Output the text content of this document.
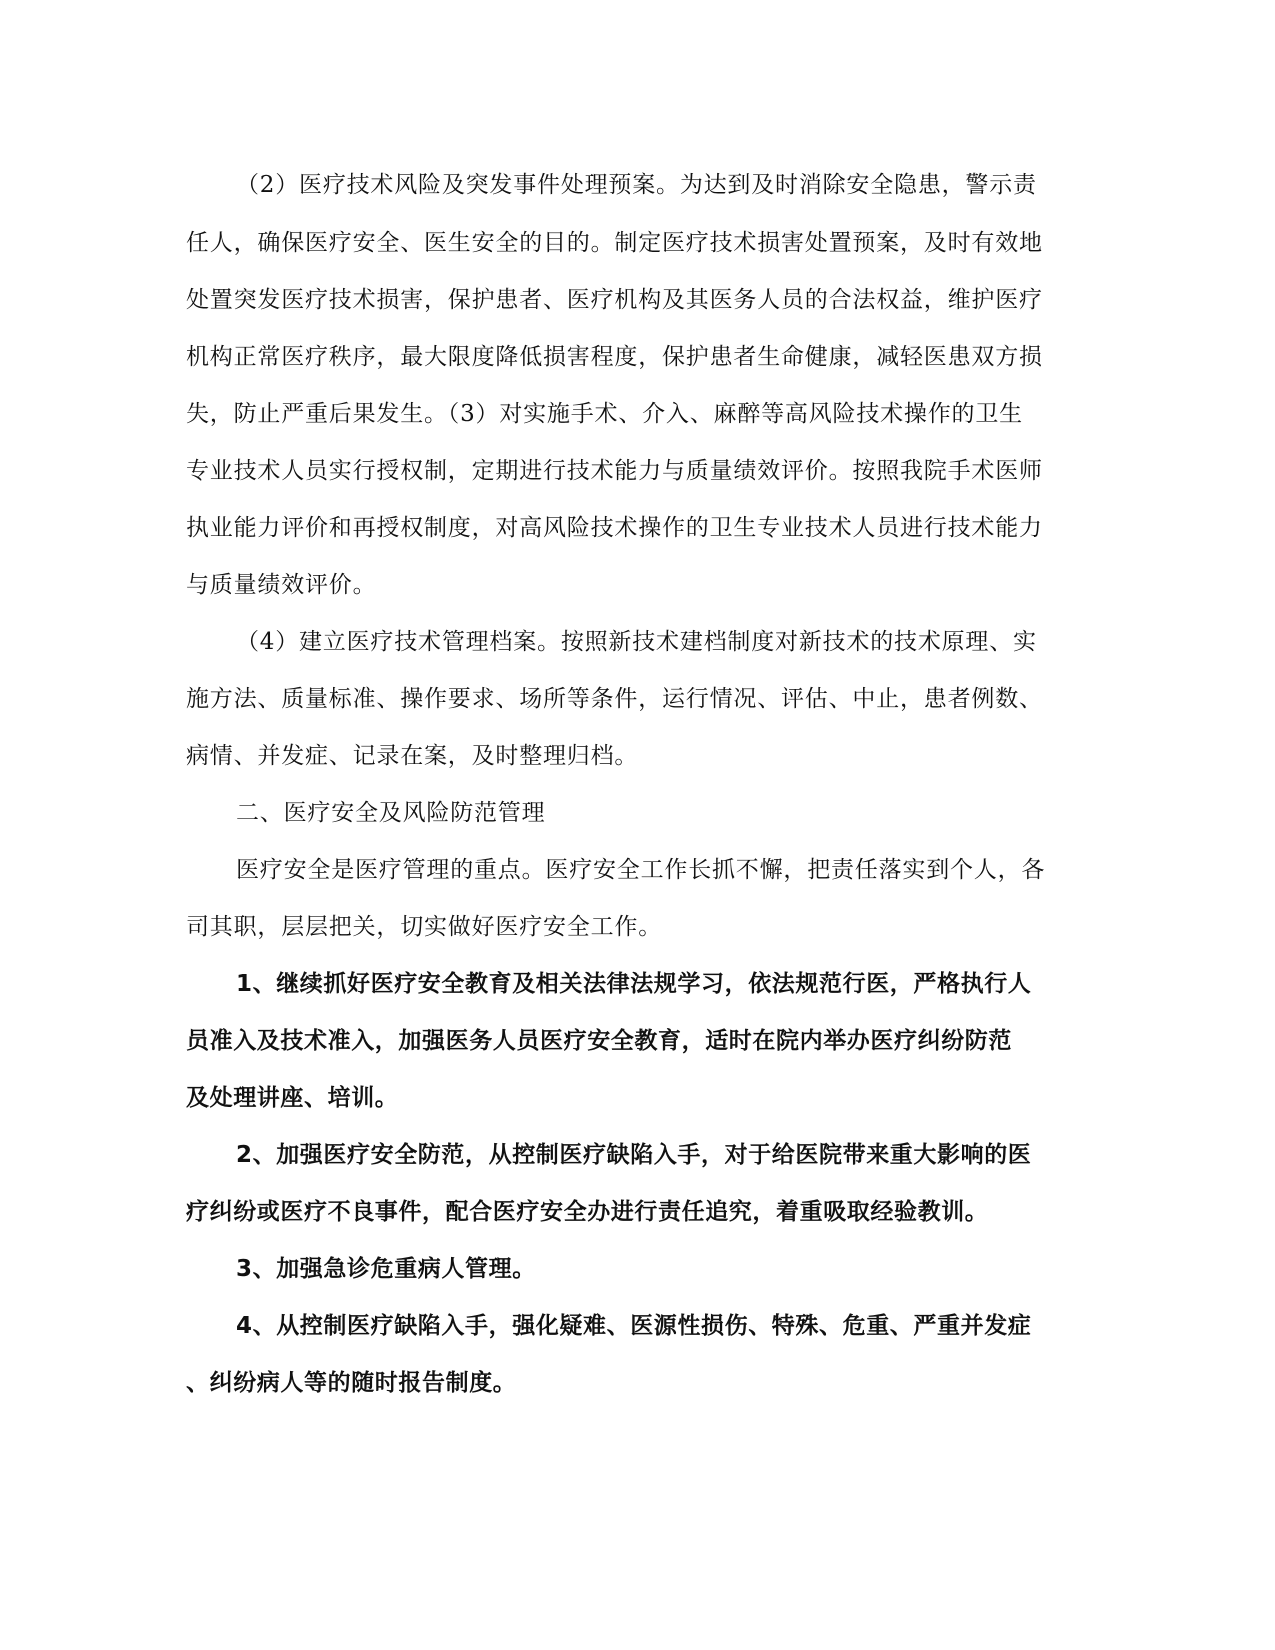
（2）医疗技术风险及突发事件处理预案。为达到及时消除安全隐患，警示责
任人，确保医疗安全、医生安全的目的。制定医疗技术损害处置预案，及时有效地
处置突发医疗技术损害，保护患者、医疗机构及其医务人员的合法权益，维护医疗
机构正常医疗秩序，最大限度降低损害程度，保护患者生命健康，减轻医患双方损
失，防止严重后果发生。（3）对实施手术、介入、麻醉等高风险技术操作的卫生
专业技术人员实行授权制，定期进行技术能力与质量绩效评价。按照我院手术医师
执业能力评价和再授权制度，对高风险技术操作的卫生专业技术人员进行技术能力
与质量绩效评价。
（4）建立医疗技术管理档案。按照新技术建档制度对新技术的技术原理、实
施方法、质量标准、操作要求、场所等条件，运行情况、评估、中止，患者例数、
病情、并发症、记录在案，及时整理归档。
二、医疗安全及风险防范管理
医疗安全是医疗管理的重点。医疗安全工作长抓不懈，把责任落实到个人，各
司其职，层层把关，切实做好医疗安全工作。
1、继续抓好医疗安全教育及相关法律法规学习，依法规范行医，严格执行人
员准入及技术准入，加强医务人员医疗安全教育，适时在院内举办医疗纠纷防范
及处理讲座、培训。
2、加强医疗安全防范，从控制医疗缺陷入手，对于给医院带来重大影响的医
疗纠纷或医疗不良事件，配合医疗安全办进行责任追究，着重吸取经验教训。
3、加强急诊危重病人管理。
4、从控制医疗缺陷入手，强化疑难、医源性损伤、特殊、危重、严重并发症
、纠纷病人等的随时报告制度。
